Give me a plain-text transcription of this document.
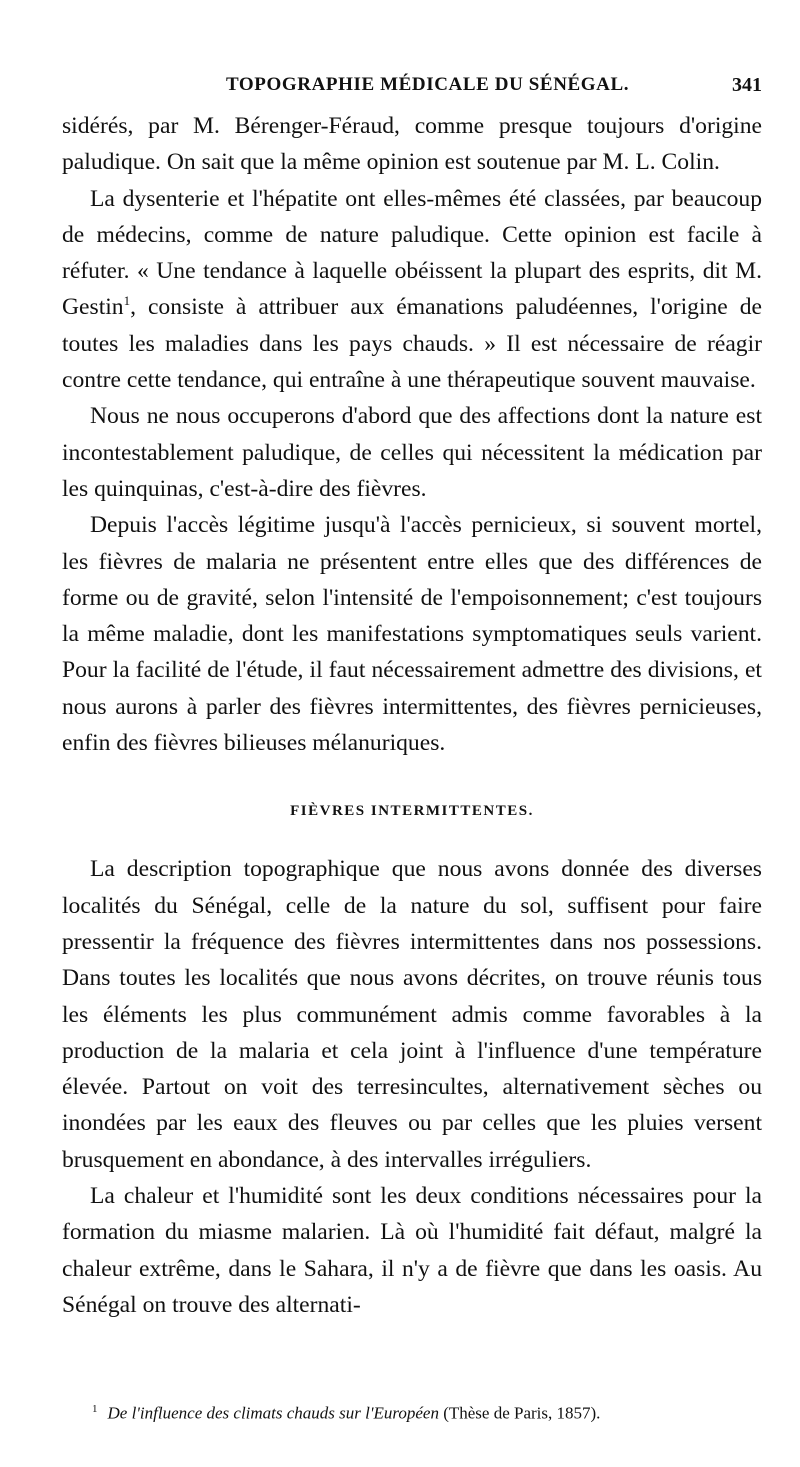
TOPOGRAPHIE MÉDICALE DU SÉNÉGAL.	341

sidérés, par M. Bérenger-Féraud, comme presque toujours d'origine paludique. On sait que la même opinion est soutenue par M. L. Colin.

La dysenterie et l'hépatite ont elles-mêmes été classées, par beaucoup de médecins, comme de nature paludique. Cette opinion est facile à réfuter. « Une tendance à laquelle obéissent la plupart des esprits, dit M. Gestin$^1$, consiste à attribuer aux émanations paludéennes, l'origine de toutes les maladies dans les pays chauds. » Il est nécessaire de réagir contre cette tendance, qui entraîne à une thérapeutique souvent mauvaise.

Nous ne nous occuperons d'abord que des affections dont la nature est incontestablement paludique, de celles qui nécessitent la médication par les quinquinas, c'est-à-dire des fièvres.

Depuis l'accès légitime jusqu'à l'accès pernicieux, si souvent mortel, les fièvres de malaria ne présentent entre elles que des différences de forme ou de gravité, selon l'intensité de l'empoisonnement; c'est toujours la même maladie, dont les manifestations symptomatiques seuls varient. Pour la facilité de l'étude, il faut nécessairement admettre des divisions, et nous aurons à parler des fièvres intermittentes, des fièvres pernicieuses, enfin des fièvres bilieuses mélanuriques.

FIÈVRES INTERMITTENTES.

La description topographique que nous avons donnée des diverses localités du Sénégal, celle de la nature du sol, suffisent pour faire pressentir la fréquence des fièvres intermittentes dans nos possessions. Dans toutes les localités que nous avons décrites, on trouve réunis tous les éléments les plus communément admis comme favorables à la production de la malaria et cela joint à l'influence d'une température élevée. Partout on voit des terresincultes, alternativement sèches ou inondées par les eaux des fleuves ou par celles que les pluies versent brusquement en abondance, à des intervalles irréguliers.

La chaleur et l'humidité sont les deux conditions nécessaires pour la formation du miasme malarien. Là où l'humidité fait défaut, malgré la chaleur extrême, dans le Sahara, il n'y a de fièvre que dans les oasis. Au Sénégal on trouve des alternati-

$^1$ De l'influence des climats chauds sur l'Européen (Thèse de Paris, 1857).
